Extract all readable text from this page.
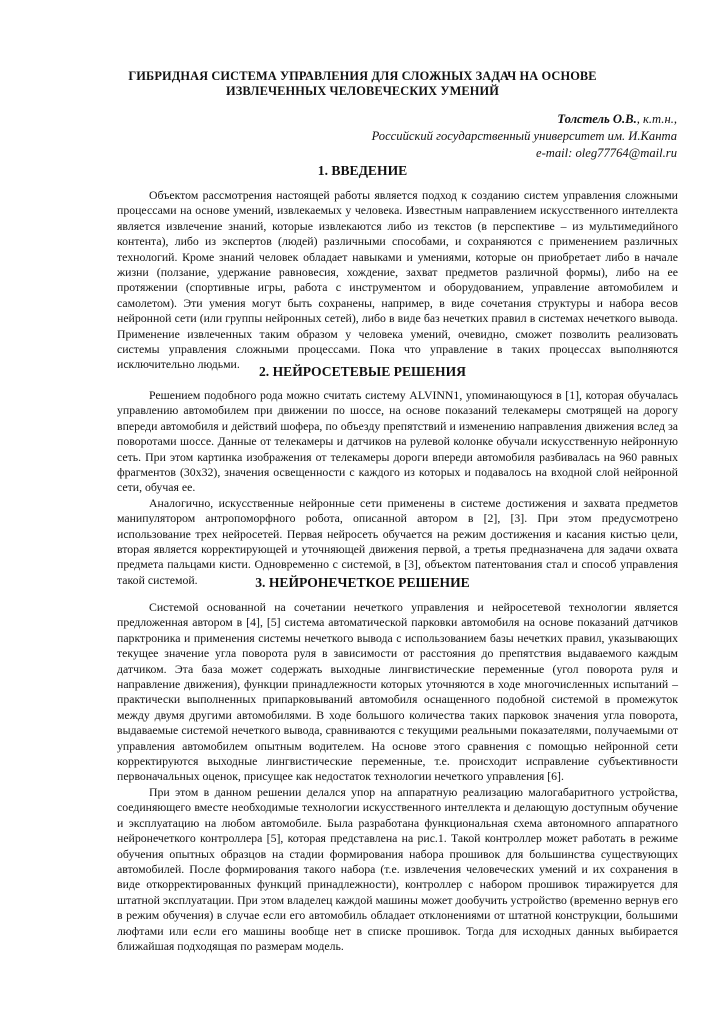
ГИБРИДНАЯ СИСТЕМА УПРАВЛЕНИЯ ДЛЯ СЛОЖНЫХ ЗАДАЧ НА ОСНОВЕ
ИЗВЛЕЧЕННЫХ ЧЕЛОВЕЧЕСКИХ УМЕНИЙ
Толстель О.В., к.т.н.,
Российский государственный университет им. И.Канта
e-mail: oleg77764@mail.ru
1. ВВЕДЕНИЕ

Объектом рассмотрения настоящей работы является подход к созданию систем управления сложными процессами на основе умений, извлекаемых у человека. Известным направлением искусственного интеллекта является извлечение знаний, которые извлекаются либо из текстов (в перспективе – из мультимедийного контента), либо из экспертов (людей) различными способами, и сохраняются с применением различных технологий. Кроме знаний человек обладает навыками и умениями, которые он приобретает либо в начале жизни (ползание, удержание равновесия, хождение, захват предметов различной формы), либо на ее протяжении (спортивные игры, работа с инструментом и оборудованием, управление автомобилем и самолетом). Эти умения могут быть сохранены, например, в виде сочетания структуры и набора весов нейронной сети (или группы нейронных сетей), либо в виде баз нечетких правил в системах нечеткого вывода. Применение извлеченных таким образом у человека умений, очевидно, сможет позволить реализовать системы управления сложными процессами. Пока что управление в таких процессах выполняются исключительно людьми.	2. НЕЙРОСЕТЕВЫЕ РЕШЕНИЯ

Решением подобного рода можно считать систему ALVINN1, упоминающуюся в [1], которая обучалась управлению автомобилем при движении по шоссе, на основе показаний телекамеры смотрящей на дорогу впереди автомобиля и действий шофера, по объезду препятствий и изменению направления движения вслед за поворотами шоссе. Данные от телекамеры и датчиков на рулевой колонке обучали искусственную нейронную сеть. При этом картинка изображения от телекамеры дороги впереди автомобиля разбивалась на 960 равных фрагментов (30х32), значения освещенности с каждого из которых и подавалось на входной слой нейронной сети, обучая ее.

Аналогично, искусственные нейронные сети применены в системе достижения и захвата предметов манипулятором антропоморфного робота, описанной автором в [2], [3]. При этом предусмотрено использование трех нейросетей. Первая нейросеть обучается на режим достижения и касания кистью цели, вторая является корректирующей и уточняющей движения первой, а третья предназначена для задачи охвата предмета пальцами кисти. Одновременно с системой, в [3], объектом патентования стал и способ управления такой системой.	3. НЕЙРОНЕЧЕТКОЕ РЕШЕНИЕ

Системой основанной на сочетании нечеткого управления и нейросетевой технологии является предложенная автором в [4], [5] система автоматической парковки автомобиля на основе показаний датчиков парктроника и применения системы нечеткого вывода с использованием базы нечетких правил, указывающих текущее значение угла поворота руля в зависимости от расстояния до препятствия выдаваемого каждым датчиком. Эта база может содержать выходные лингвистические переменные (угол поворота руля и направление движения), функции принадлежности которых уточняются в ходе многочисленных испытаний – практически выполненных припарковываний автомобиля оснащенного подобной системой в промежуток между двумя другими автомобилями. В ходе большого количества таких парковок значения угла поворота, выдаваемые системой нечеткого вывода, сравниваются с текущими реальными показателями, получаемыми от управления автомобилем опытным водителем. На основе этого сравнения с помощью нейронной сети корректируются выходные лингвистические переменные, т.е. происходит исправление субъективности первоначальных оценок, присущее как недостаток технологии нечеткого управления [6].

При этом в данном решении делался упор на аппаратную реализацию малогабаритного устройства, соединяющего вместе необходимые технологии искусственного интеллекта и делающую доступным обучение и эксплуатацию на любом автомобиле. Была разработана функциональная схема автономного аппаратного нейронечеткого контроллера [5], которая представлена на рис.1. Такой контроллер может работать в режиме обучения опытных образцов на стадии формирования набора прошивок для большинства существующих автомобилей. После формирования такого набора (т.е. извлечения человеческих умений и их сохранения в виде откорректированных функций принадлежности), контроллер с набором прошивок тиражируется для штатной эксплуатации. При этом владелец каждой машины может дообучить устройство (временно вернув его в режим обучения) в случае если его автомобиль обладает отклонениями от штатной конструкции, большими люфтами или если его машины вообще нет в списке прошивок. Тогда для исходных данных выбирается ближайшая подходящая по размерам модель.
